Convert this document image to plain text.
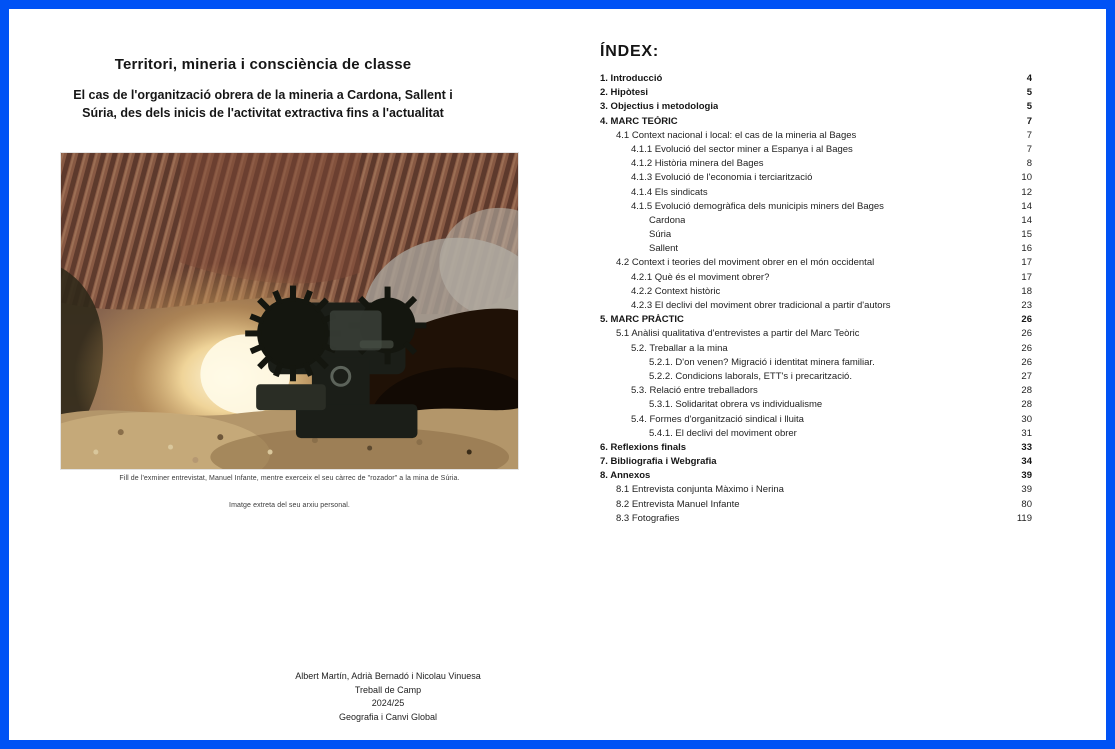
Territori, mineria i consciència de classe
El cas de l'organització obrera de la mineria a Cardona, Sallent i
Súria, des dels inicis de l'activitat extractiva fins a l'actualitat
Fill de l'exminer entrevistat, Manuel Infante, mentre exerceix el seu càrrec de "rozador" a la mina de Súria.
Imatge extreta del seu arxiu personal.
Albert Martín, Adrià Bernadó i Nicolau Vinuesa
Treball de Camp
2024/25
Geografia i Canvi Global
ÍNDEX:
1. Introducció	4
2. Hipòtesi	5
3. Objectius i metodologia	5
4. MARC TEÒRIC	7
4.1 Context nacional i local: el cas de la mineria al Bages	7
4.1.1 Evolució del sector miner a Espanya i al Bages	7
4.1.2 Història minera del Bages	8
4.1.3 Evolució de l'economia i terciarització	10
4.1.4 Els sindicats	12
4.1.5 Evolució demogràfica dels municipis miners del Bages	14
Cardona	14
Súria	15
Sallent	16
4.2 Context i teories del moviment obrer en el món occidental	17
4.2.1 Què és el moviment obrer?	17
4.2.2 Context històric	18
4.2.3 El declivi del moviment obrer tradicional a partir d'autors	23
5. MARC PRÀCTIC	26
5.1 Anàlisi qualitativa d'entrevistes a partir del Marc Teòric	26
5.2. Treballar a la mina	26
5.2.1. D'on venen? Migració i identitat minera familiar.	26
5.2.2. Condicions laborals, ETT's i precarització.	27
5.3. Relació entre treballadors	28
5.3.1. Solidaritat obrera vs individualisme	28
5.4. Formes d'organització sindical i lluita	30
5.4.1. El declivi del moviment obrer	31
6. Reflexions finals	33
7. Bibliografia i Webgrafia	34
8. Annexos	39
8.1 Entrevista conjunta Màximo i Nerina	39
8.2 Entrevista Manuel Infante	80
8.3 Fotografies	119
